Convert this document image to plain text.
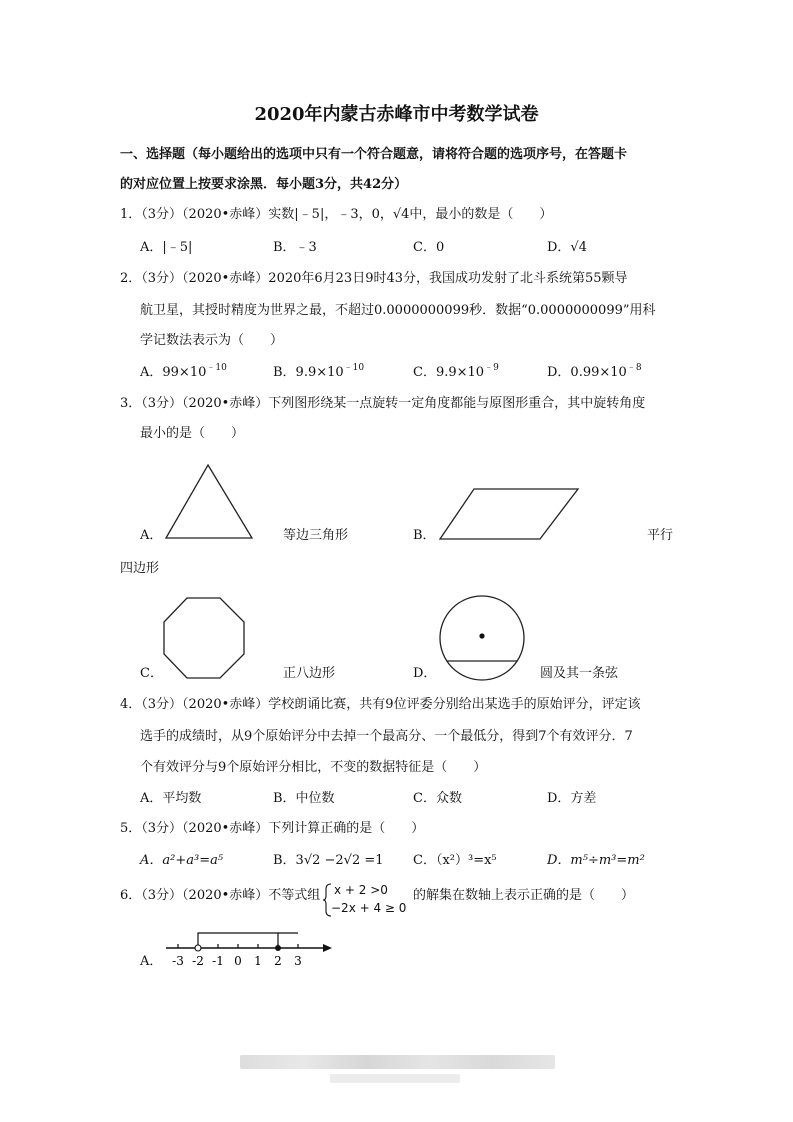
2020年内蒙古赤峰市中考数学试卷
一、选择题（每小题给出的选项中只有一个符合题意，请将符合题的选项序号，在答题卡
的对应位置上按要求涂黑．每小题3分，共42分）
1．（3分）（2020•赤峰）实数|﹣5|，﹣3，0，√4中，最小的数是（　　）
A．|﹣5|	B．﹣3	C．0	D．√4
2．（3分）（2020•赤峰）2020年6月23日9时43分，我国成功发射了北斗系统第55颗导
航卫星，其授时精度为世界之最，不超过0.0000000099秒．数据“0.0000000099”用科
学记数法表示为（　　）
A．$99\times 10^{﹣10}$	B．$9.9\times 10^{﹣10}$	C．$9.9\times 10^{﹣9}$	D．$0.99\times 10^{﹣8}$
3．（3分）（2020•赤峰）下列图形绕某一点旋转一定角度都能与原图形重合，其中旋转角度
最小的是（　　）
A．	等边三角形	B．	平行
四边形
C．	正八边形	D．	圆及其一条弦
4．（3分）（2020•赤峰）学校朗诵比赛，共有9位评委分别给出某选手的原始评分，评定该
选手的成绩时，从9个原始评分中去掉一个最高分、一个最低分，得到7个有效评分．7
个有效评分与9个原始评分相比，不变的数据特征是（　　）
A．平均数	B．中位数	C．众数	D．方差
5．（3分）（2020•赤峰）下列计算正确的是（　　）
A．a²+a³=a⁵	B．3√2 −2√2 =1 C．（x²）³=x⁵	D．m⁵÷m³=m²
6．（3分）（2020•赤峰）不等式组 x + 2 >0
−2x + 4 ≥ 0
的解集在数轴上表示正确的是（　　）
A． -3 -2 -1 0 1 2 3
